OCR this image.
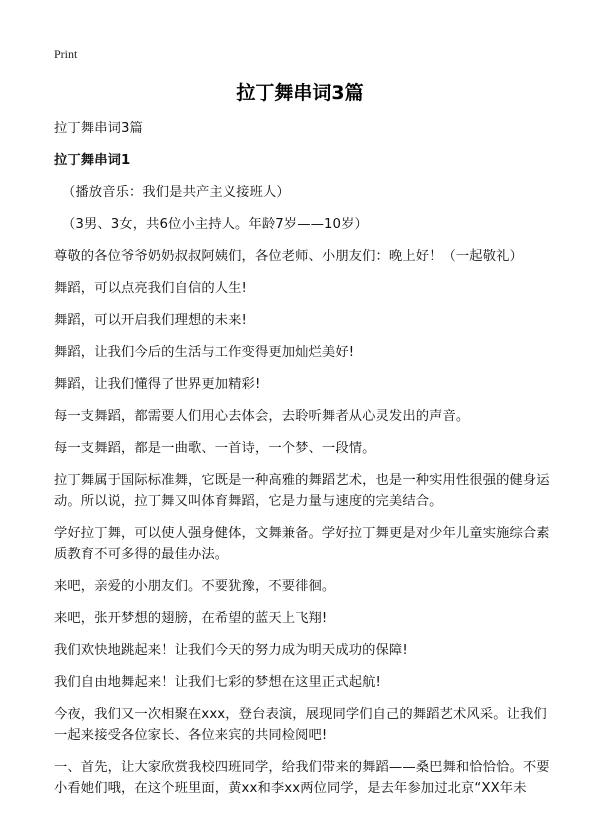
Print
拉丁舞串词3篇
拉丁舞串词3篇
拉丁舞串词1
（播放音乐：我们是共产主义接班人）
（3男、3女，共6位小主持人。年龄7岁——10岁）
尊敬的各位爷爷奶奶叔叔阿姨们，各位老师、小朋友们：晚上好！（一起敬礼）
舞蹈，可以点亮我们自信的人生!
舞蹈，可以开启我们理想的未来!
舞蹈，让我们今后的生活与工作变得更加灿烂美好!
舞蹈，让我们懂得了世界更加精彩!
每一支舞蹈，都需要人们用心去体会，去聆听舞者从心灵发出的声音。
每一支舞蹈，都是一曲歌、一首诗，一个梦、一段情。
拉丁舞属于国际标准舞，它既是一种高雅的舞蹈艺术，也是一种实用性很强的健身运动。所以说，拉丁舞又叫体育舞蹈，它是力量与速度的完美结合。
学好拉丁舞，可以使人强身健体，文舞兼备。学好拉丁舞更是对少年儿童实施综合素质教育不可多得的最佳办法。
来吧，亲爱的小朋友们。不要犹豫，不要徘徊。
来吧，张开梦想的翅膀，在希望的蓝天上飞翔!
我们欢快地跳起来！让我们今天的努力成为明天成功的保障!
我们自由地舞起来！让我们七彩的梦想在这里正式起航!
今夜，我们又一次相聚在xxx，登台表演，展现同学们自己的舞蹈艺术风采。让我们一起来接受各位家长、各位来宾的共同检阅吧!
一、首先，让大家欣赏我校四班同学，给我们带来的舞蹈——桑巴舞和恰恰恰。不要小看她们哦，在这个班里面，黄xx和李xx两位同学，是去年参加过北京“XX年未
